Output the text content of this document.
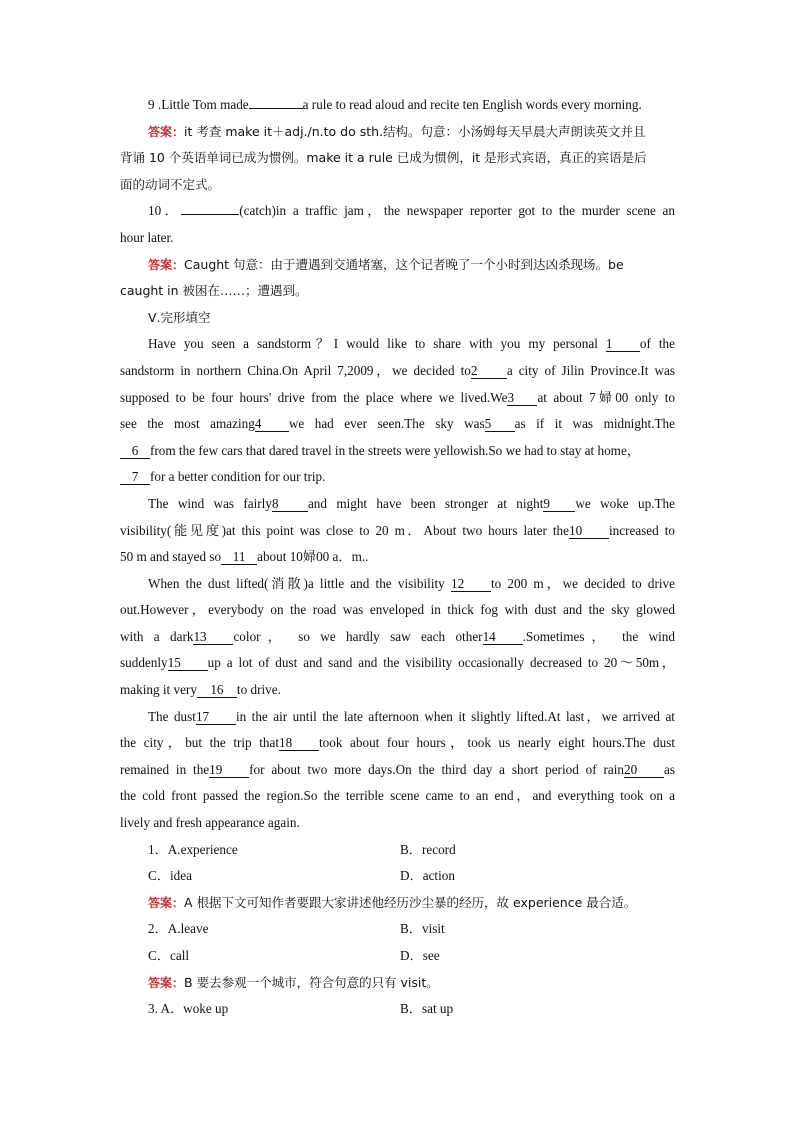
9 .Little Tom made	a rule to read aloud and recite ten English words every morning.
答案：it 考查 make it＋adj./n.to do sth.结构。句意：小汤姆每天早晨大声朗读英文并且
背诵 10 个英语单词已成为惯例。make it a rule 已成为惯例，it 是形式宾语，真正的宾语是后
面的动词不定式。
10．	(catch)in a traffic jam，the newspaper reporter got to the murder scene an
hour later.
答案：Caught 句意：由于遭遇到交通堵塞，这个记者晚了一个小时到达凶杀现场。be
caught in 被困在……；遭遇到。
Ⅴ.完形填空
Have you seen a sandstorm？I would like to share with you my personal 1 of the
sandstorm in northern China.On April 7,2009，we decided to2 a city of Jilin Province.It was
supposed to be four hours' drive from the place where we lived.We3 at about 7婦00 only to
see the most amazing4 we had ever seen.The sky was5 as if it was midnight.The
6 from the few cars that dared travel in the streets were yellowish.So we had to stay at home，
7 for a better condition for our trip.
The wind was fairly8 and might have been stronger at night9 we woke up.The
visibility(能见度)at this point was close to 20 m．About two hours later the10 increased to
50 m and stayed so 11 about 10婦00 a．m..
When the dust lifted(消散)a little and the visibility 12 to 200 m，we decided to drive
out.However，everybody on the road was enveloped in thick fog with dust and the sky glowed
with a dark13 color， so we hardly saw each other14 .Sometimes， the wind
suddenly15 up a lot of dust and sand and the visibility occasionally decreased to 20～50m，
making it very 16 to drive.
The dust17 in the air until the late afternoon when it slightly lifted.At last，we arrived at
the city，but the trip that18 took about four hours，took us nearly eight hours.The dust
remained in the19 for about two more days.On the third day a short period of rain20 as
the cold front passed the region.So the terrible scene came to an end，and everything took on a
lively and fresh appearance again.
1．A.experience	B．record
C．idea	D．action
答案：A 根据下文可知作者要跟大家讲述他经历沙尘暴的经历，故 experience 最合适。
2．A.leave	B．visit
C．call	D．see
答案：B 要去参观一个城市，符合句意的只有 visit。
3. A．woke up	B．sat up
